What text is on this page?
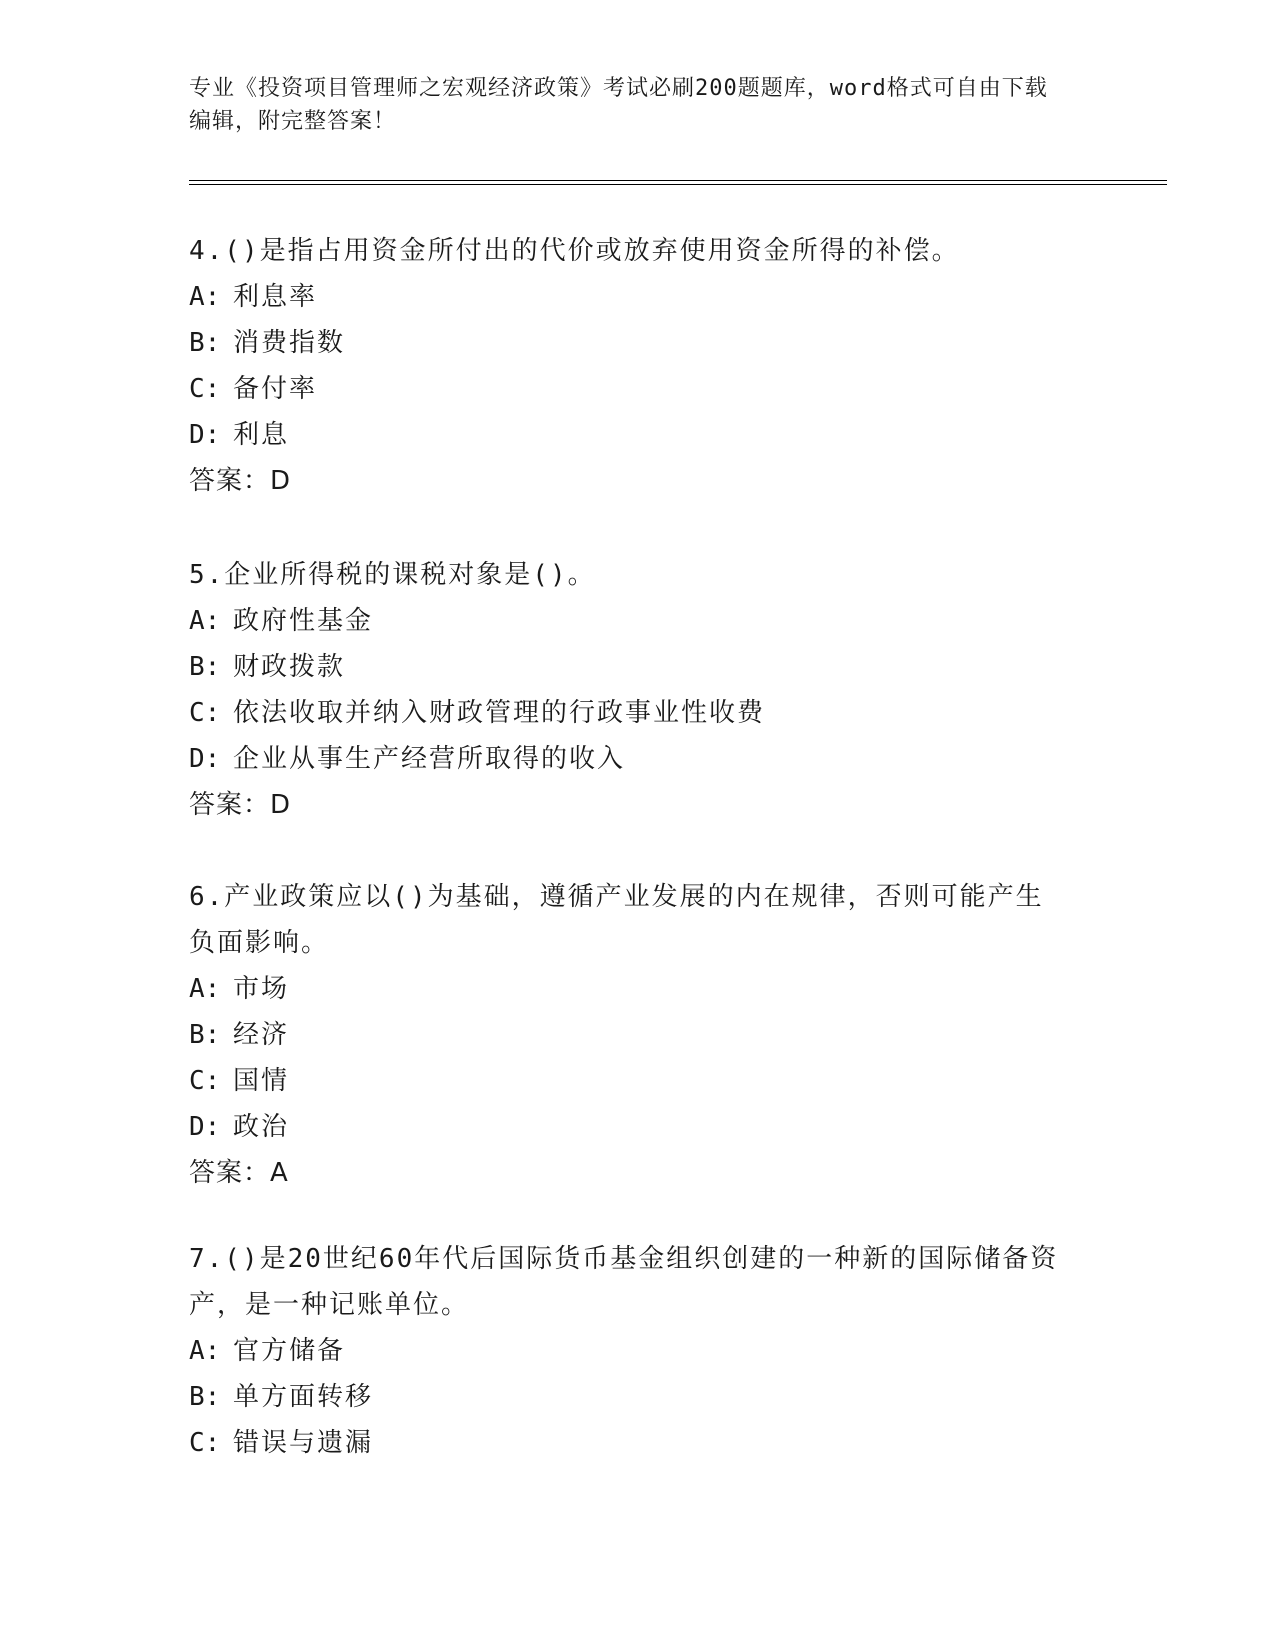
专业《投资项目管理师之宏观经济政策》考试必刷200题题库，word格式可自由下载编辑，附完整答案！

4.()是指占用资金所付出的代价或放弃使用资金所得的补偿。

A: 利息率

B: 消费指数

C: 备付率

D: 利息

答案：D

5.企业所得税的课税对象是()。

A: 政府性基金

B: 财政拨款

C: 依法收取并纳入财政管理的行政事业性收费

D: 企业从事生产经营所取得的收入

答案：D

6.产业政策应以()为基础，遵循产业发展的内在规律，否则可能产生负面影响。

A: 市场

B: 经济

C: 国情

D: 政治

答案：A

7.()是20世纪60年代后国际货币基金组织创建的一种新的国际储备资产，是一种记账单位。

A: 官方储备

B: 单方面转移

C: 错误与遗漏
